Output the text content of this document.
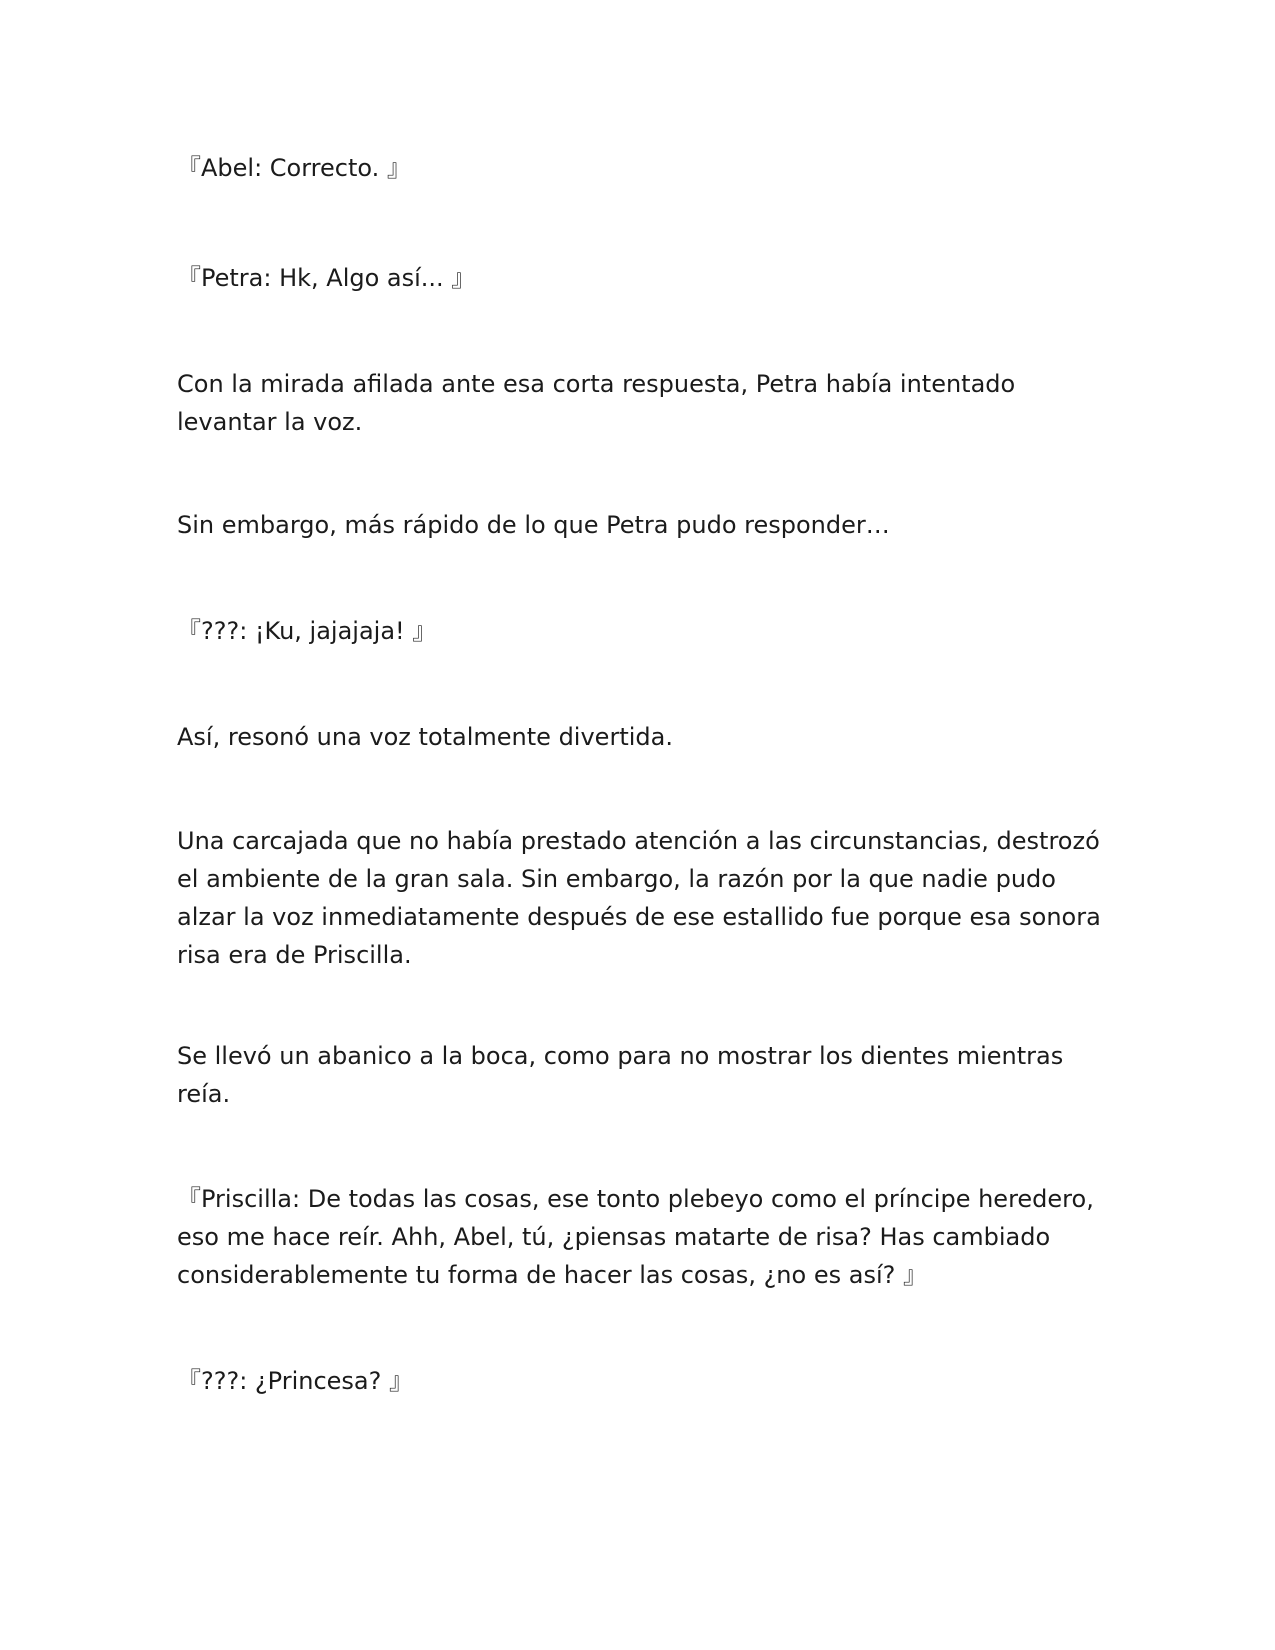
『Abel: Correcto. 』

『Petra: Hk, Algo así... 』

Con la mirada afilada ante esa corta respuesta, Petra había intentado levantar la voz.

Sin embargo, más rápido de lo que Petra pudo responder…

『???: ¡Ku, jajajaja! 』

Así, resonó una voz totalmente divertida.

Una carcajada que no había prestado atención a las circunstancias, destrozó el ambiente de la gran sala. Sin embargo, la razón por la que nadie pudo alzar la voz inmediatamente después de ese estallido fue porque esa sonora risa era de Priscilla.

Se llevó un abanico a la boca, como para no mostrar los dientes mientras reía.

『Priscilla: De todas las cosas, ese tonto plebeyo como el príncipe heredero, eso me hace reír. Ahh, Abel, tú, ¿piensas matarte de risa? Has cambiado considerablemente tu forma de hacer las cosas, ¿no es así? 』

『???: ¿Princesa? 』
